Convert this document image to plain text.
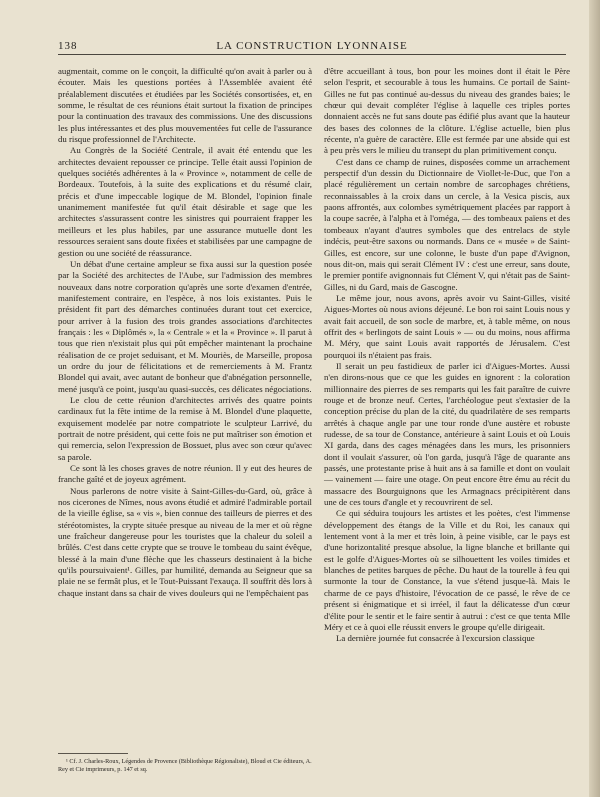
138	LA CONSTRUCTION LYONNAISE

augmentait, comme on le conçoit, la difficulté qu'on avait à parler ou à écouter. Mais les questions portées à l'Assemblée avaient été préalablement discutées et étudiées par les Sociétés consortisées, et, en somme, le résultat de ces réunions était surtout la fixation de principes pour la continuation des travaux des commissions. Une des discussions les plus intéressantes et des plus mouvementées fut celle de l'assurance du risque professionnel de l'Architecte.

Au Congrès de la Société Centrale, il avait été entendu que les architectes devaient repousser ce principe. Telle était aussi l'opinion de quelques sociétés adhérentes à la « Province », notamment de celle de Bordeaux. Toutefois, à la suite des explications et du résumé clair, précis et d'une impeccable logique de M. Blondel, l'opinion finale unanimement manifestée fut qu'il était désirable et sage que les architectes s'assurassent contre les sinistres qui pourraient frapper les meilleurs et les plus habiles, par une assurance mutuelle dont les ressources seraient sans doute fixées et stabilisées par une campagne de gestion ou une société de réassurance.

Un débat d'une certaine ampleur se fixa aussi sur la question posée par la Société des architectes de l'Aube, sur l'admission des membres nouveaux dans notre corporation qu'après une sorte d'examen d'entrée, manifestement contraire, en l'espèce, à nos lois existantes. Puis le président fit part des démarches continuées durant tout cet exercice, pour arriver à la fusion des trois grandes associations d'architectes français : les « Diplômés », la « Centrale » et la « Province ». Il parut à tous que rien n'existait plus qui pût empêcher maintenant la prochaine réalisation de ce projet seduisant, et M. Mouriès, de Marseille, proposa un ordre du jour de félicitations et de remerciements à M. Frantz Blondel qui avait, avec autant de bonheur que d'abnégation personnelle, mené jusqu'à ce point, jusqu'au quasi-succès, ces délicates négociations.

Le clou de cette réunion d'architectes arrivés des quatre points cardinaux fut la fête intime de la remise à M. Blondel d'une plaquette, exquisement modelée par notre compatriote le sculpteur Larrivé, du portrait de notre président, qui cette fois ne put maîtriser son émotion et qui remercia, selon l'expression de Bossuet, plus avec son cœur qu'avec sa parole.

Ce sont là les choses graves de notre réunion. Il y eut des heures de franche gaîté et de joyeux agrément.

Nous parlerons de notre visite à Saint-Gilles-du-Gard, où, grâce à nos cicerones de Nîmes, nous avons étudié et admiré l'admirable portail de la vieille église, sa « vis », bien connue des tailleurs de pierres et des stéréotomistes, la crypte située presque au niveau de la mer et où règne une fraîcheur dangereuse pour les touristes que la chaleur du soleil a brûlés. C'est dans cette crypte que se trouve le tombeau du saint évêque, blessé à la main d'une flèche que les chasseurs destinaient à la biche qu'ils poursuivaient¹. Gilles, par humilité, demanda au Seigneur que sa plaie ne se fermât plus, et le Tout-Puissant l'exauça. Il souffrit dès lors à chaque instant dans sa chair de vives douleurs qui ne l'empêchaient pas

d'être accueillant à tous, bon pour les moines dont il était le Père selon l'esprit, et secourable à tous les humains. Ce portail de Saint-Gilles ne fut pas continué au-dessus du niveau des grandes baies; le chœur qui devait compléter l'église à laquelle ces triples portes donnaient accès ne fut sans doute pas édifié plus avant que la hauteur des bases des colonnes de la clôture. L'église actuelle, bien plus récente, n'a guère de caractère. Elle est fermée par une abside qui est à peu près vers le milieu du transept du plan primitivement conçu.

C'est dans ce champ de ruines, disposées comme un arrachement perspectif d'un dessin du Dictionnaire de Viollet-le-Duc, que l'on a placé régulièrement un certain nombre de sarcophages chrétiens, reconnaissables à la croix dans un cercle, à la Vesica piscis, aux paons affrontés, aux colombes symétriquement placées par rapport à la coupe sacrée, à l'alpha et à l'oméga, — des tombeaux païens et des tombeaux n'ayant d'autres symboles que des entrelacs de style indécis, peut-être saxons ou normands. Dans ce « musée » de Saint-Gilles, est encore, sur une colonne, le buste d'un pape d'Avignon, nous dit-on, mais qui serait Clément IV : c'est une erreur, sans doute, le premier pontife avignonnais fut Clément V, qui n'était pas de Saint-Gilles, ni du Gard, mais de Gascogne.

Le même jour, nous avons, après avoir vu Saint-Gilles, visité Aigues-Mortes où nous avions déjeuné. Le bon roi saint Louis nous y avait fait accueil, de son socle de marbre, et, à table même, on nous offrit des « berlingots de saint Louis » — ou du moins, nous affirma M. Méry, que saint Louis avait rapportés de Jérusalem. C'est pourquoi ils n'étaient pas frais.

Il serait un peu fastidieux de parler ici d'Aigues-Mortes. Aussi n'en dirons-nous que ce que les guides en ignorent : la coloration millionnaire des pierres de ses remparts qui les fait paraître de cuivre rouge et de bronze neuf. Certes, l'archéologue peut s'extasier de la conception précise du plan de la cité, du quadrilatère de ses remparts arrêtés à chaque angle par une tour ronde d'une austère et robuste rudesse, de sa tour de Constance, antérieure à saint Louis et où Louis XI garda, dans des cages ménagées dans les murs, les prisonniers dont il voulait s'assurer, où l'on garda, jusqu'à l'âge de quarante ans passés, une protestante prise à huit ans à sa famille et dont on voulait — vainement — faire une otage. On peut encore être ému au récit du massacre des Bourguignons que les Armagnacs précipitèrent dans une de ces tours d'angle et y recouvrirent de sel.

Ce qui séduira toujours les artistes et les poètes, c'est l'immense développement des étangs de la Ville et du Roi, les canaux qui lentement vont à la mer et très loin, à peine visible, car le pays est d'une horizontalité presque absolue, la ligne blanche et brillante qui est le golfe d'Aigues-Mortes où se silhouettent les voiles timides et blanches de petites barques de pêche. Du haut de la tourelle à feu qui surmonte la tour de Constance, la vue s'étend jusque-là. Mais le charme de ce pays d'histoire, l'évocation de ce passé, le rêve de ce présent si énigmatique et si irréel, il faut la délicatesse d'un cœur d'élite pour le sentir et le faire sentir à autrui : c'est ce que tenta Mlle Méry et ce à quoi elle réussit envers le groupe qu'elle dirigeait.

La dernière journée fut consacrée à l'excursion classique

¹ Cf. J. Charles-Roux, Légendes de Provence (Bibliothèque Régionaliste), Bloud et Cie éditeurs, A. Rey et Cie imprimeurs, p. 147 et sq.
